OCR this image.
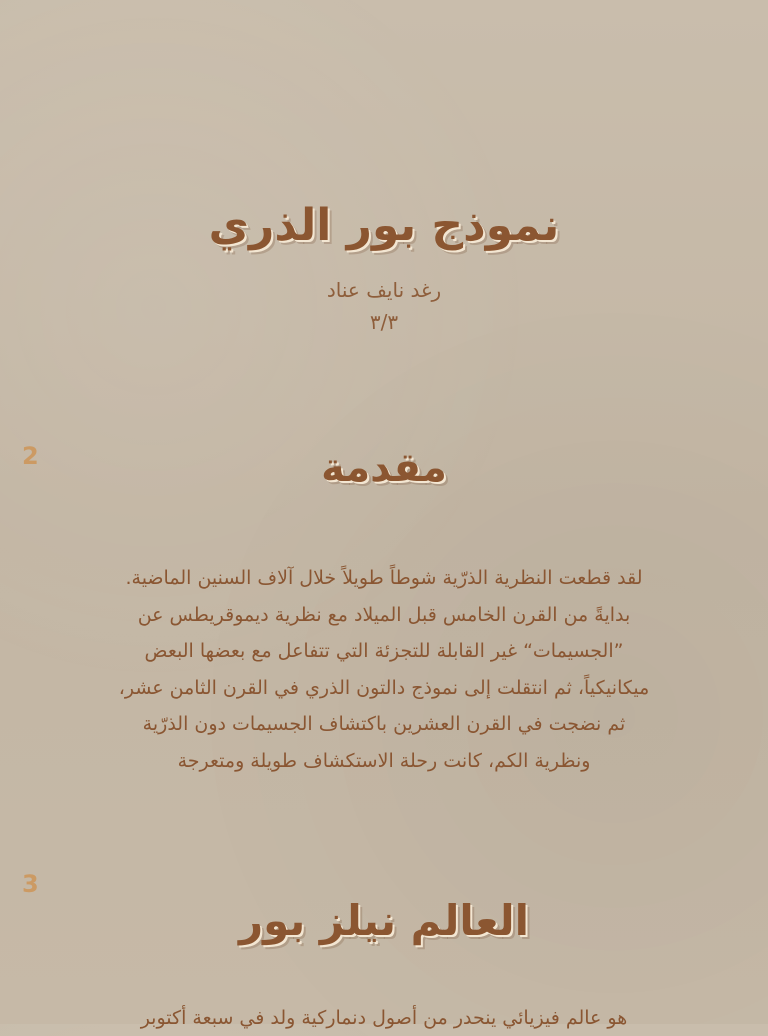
نموذج بور الذري
رغد نايف عناد
٣/٣
2	مقدمة
لقد قطعت النظرية الذرّية شوطاً طويلاً خلال آلاف السنين الماضية.
بدايةً من القرن الخامس قبل الميلاد مع نظرية ديموقريطس عن
”الجسيمات“ غير القابلة للتجزئة التي تتفاعل مع بعضها البعض
ميكانيكياً، ثم انتقلت إلى نموذج دالتون الذري في القرن الثامن عشر،
ثم نضجت في القرن العشرين باكتشاف الجسيمات دون الذرّية
ونظرية الكم، كانت رحلة الاستكشاف طويلة ومتعرجة
3
العالم نيلز بور
هو عالم فيزيائي ينحدر من أصول دنماركية ولد في سبعة أكتوبر
